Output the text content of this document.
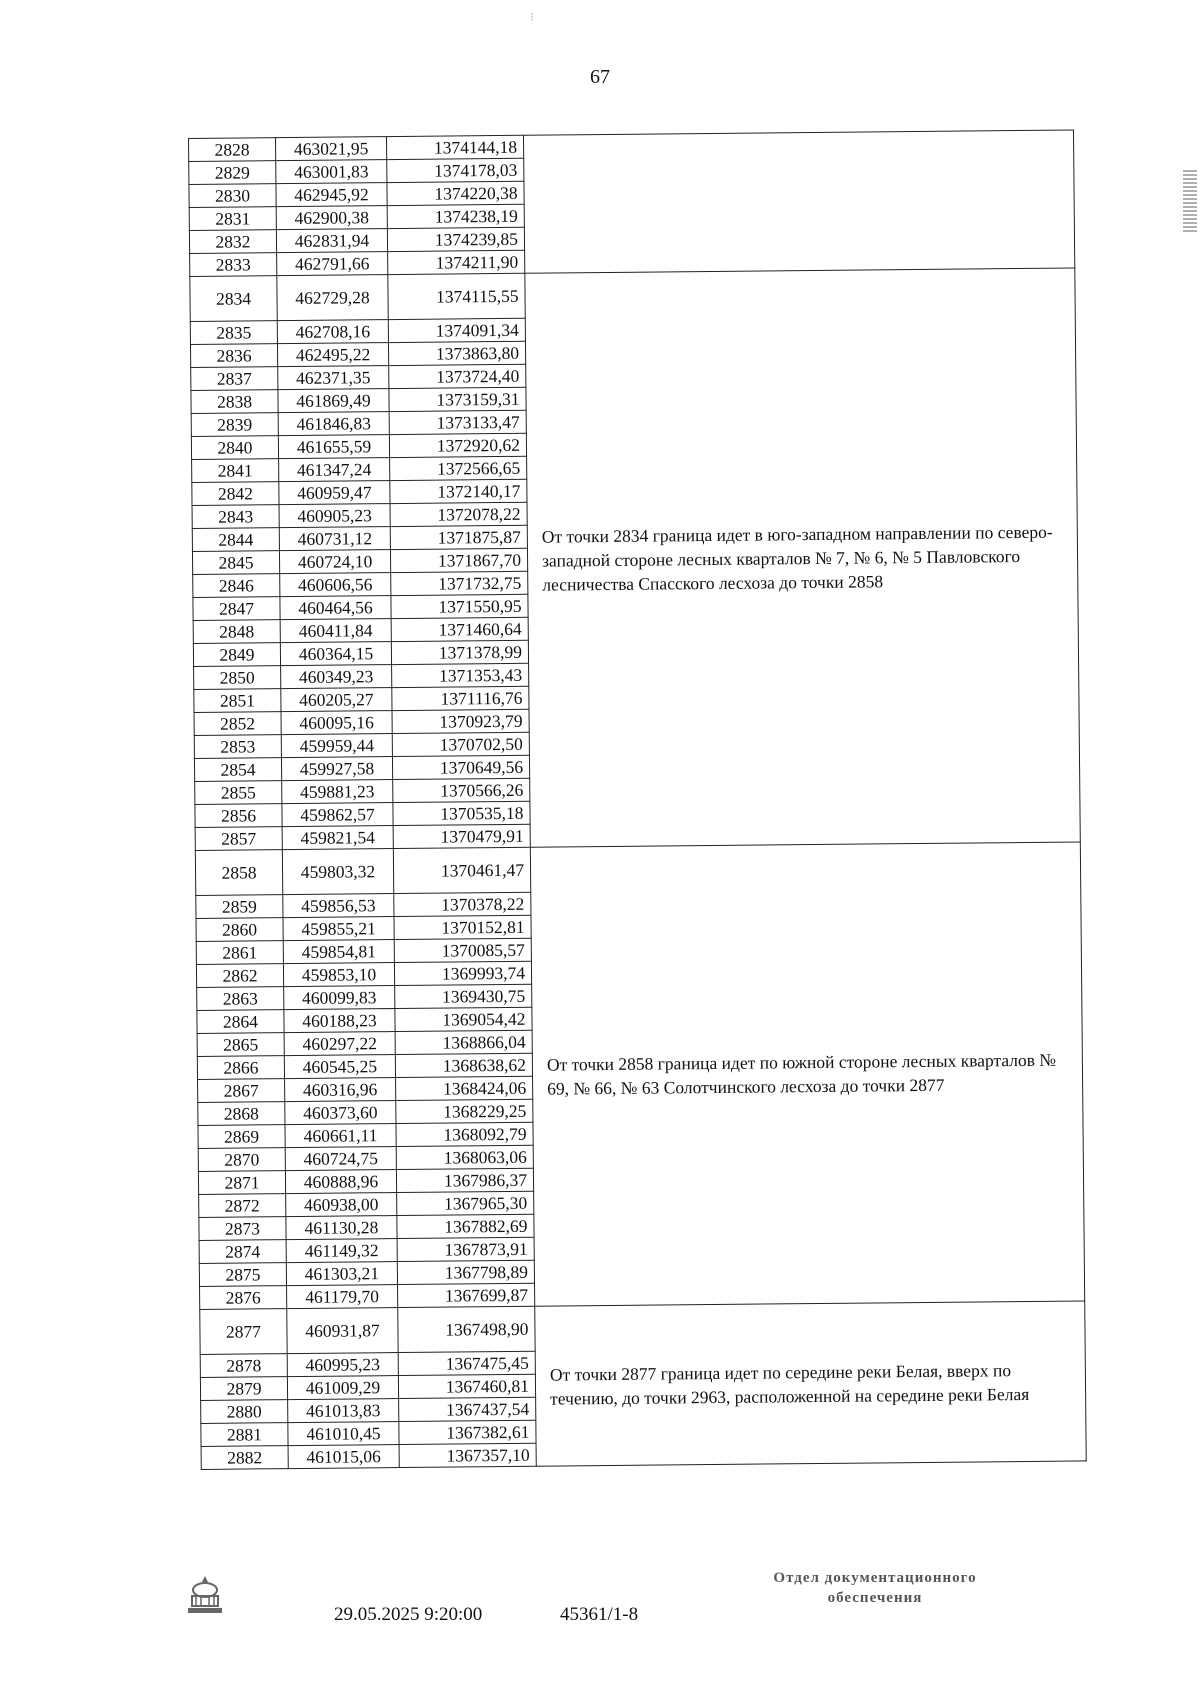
⁝
67
2828	463021,95	1374144,18	
2829	463001,83	1374178,03	
2830	462945,92	1374220,38	
2831	462900,38	1374238,19	
2832	462831,94	1374239,85	
2833	462791,66	1374211,90	
2834	462729,28	1374115,55	От точки 2834 граница идет в юго-западном направлении по северо-западной стороне лесных кварталов № 7, № 6, № 5 Павловского лесничества Спасского лесхоза до точки 2858
2835	462708,16	1374091,34	
2836	462495,22	1373863,80	
2837	462371,35	1373724,40	
2838	461869,49	1373159,31	
2839	461846,83	1373133,47	
2840	461655,59	1372920,62	
2841	461347,24	1372566,65	
2842	460959,47	1372140,17	
2843	460905,23	1372078,22	
2844	460731,12	1371875,87	
2845	460724,10	1371867,70	
2846	460606,56	1371732,75	
2847	460464,56	1371550,95	
2848	460411,84	1371460,64	
2849	460364,15	1371378,99	
2850	460349,23	1371353,43	
2851	460205,27	1371116,76	
2852	460095,16	1370923,79	
2853	459959,44	1370702,50	
2854	459927,58	1370649,56	
2855	459881,23	1370566,26	
2856	459862,57	1370535,18	
2857	459821,54	1370479,91	
2858	459803,32	1370461,47	От точки 2858 граница идет по южной стороне лесных кварталов № 69, № 66, № 63 Солотчинского лесхоза до точки 2877
2859	459856,53	1370378,22	
2860	459855,21	1370152,81	
2861	459854,81	1370085,57	
2862	459853,10	1369993,74	
2863	460099,83	1369430,75	
2864	460188,23	1369054,42	
2865	460297,22	1368866,04	
2866	460545,25	1368638,62	
2867	460316,96	1368424,06	
2868	460373,60	1368229,25	
2869	460661,11	1368092,79	
2870	460724,75	1368063,06	
2871	460888,96	1367986,37	
2872	460938,00	1367965,30	
2873	461130,28	1367882,69	
2874	461149,32	1367873,91	
2875	461303,21	1367798,89	
2876	461179,70	1367699,87	
2877	460931,87	1367498,90	От точки 2877 граница идет по середине реки Белая, вверх по течению, до точки 2963, расположенной на середине реки Белая
2878	460995,23	1367475,45	
2879	461009,29	1367460,81	
2880	461013,83	1367437,54	
2881	461010,45	1367382,61	
2882	461015,06	1367357,10	
29.05.2025 9:20:00	45361/1-8
Отдел документационного
обеспечения
